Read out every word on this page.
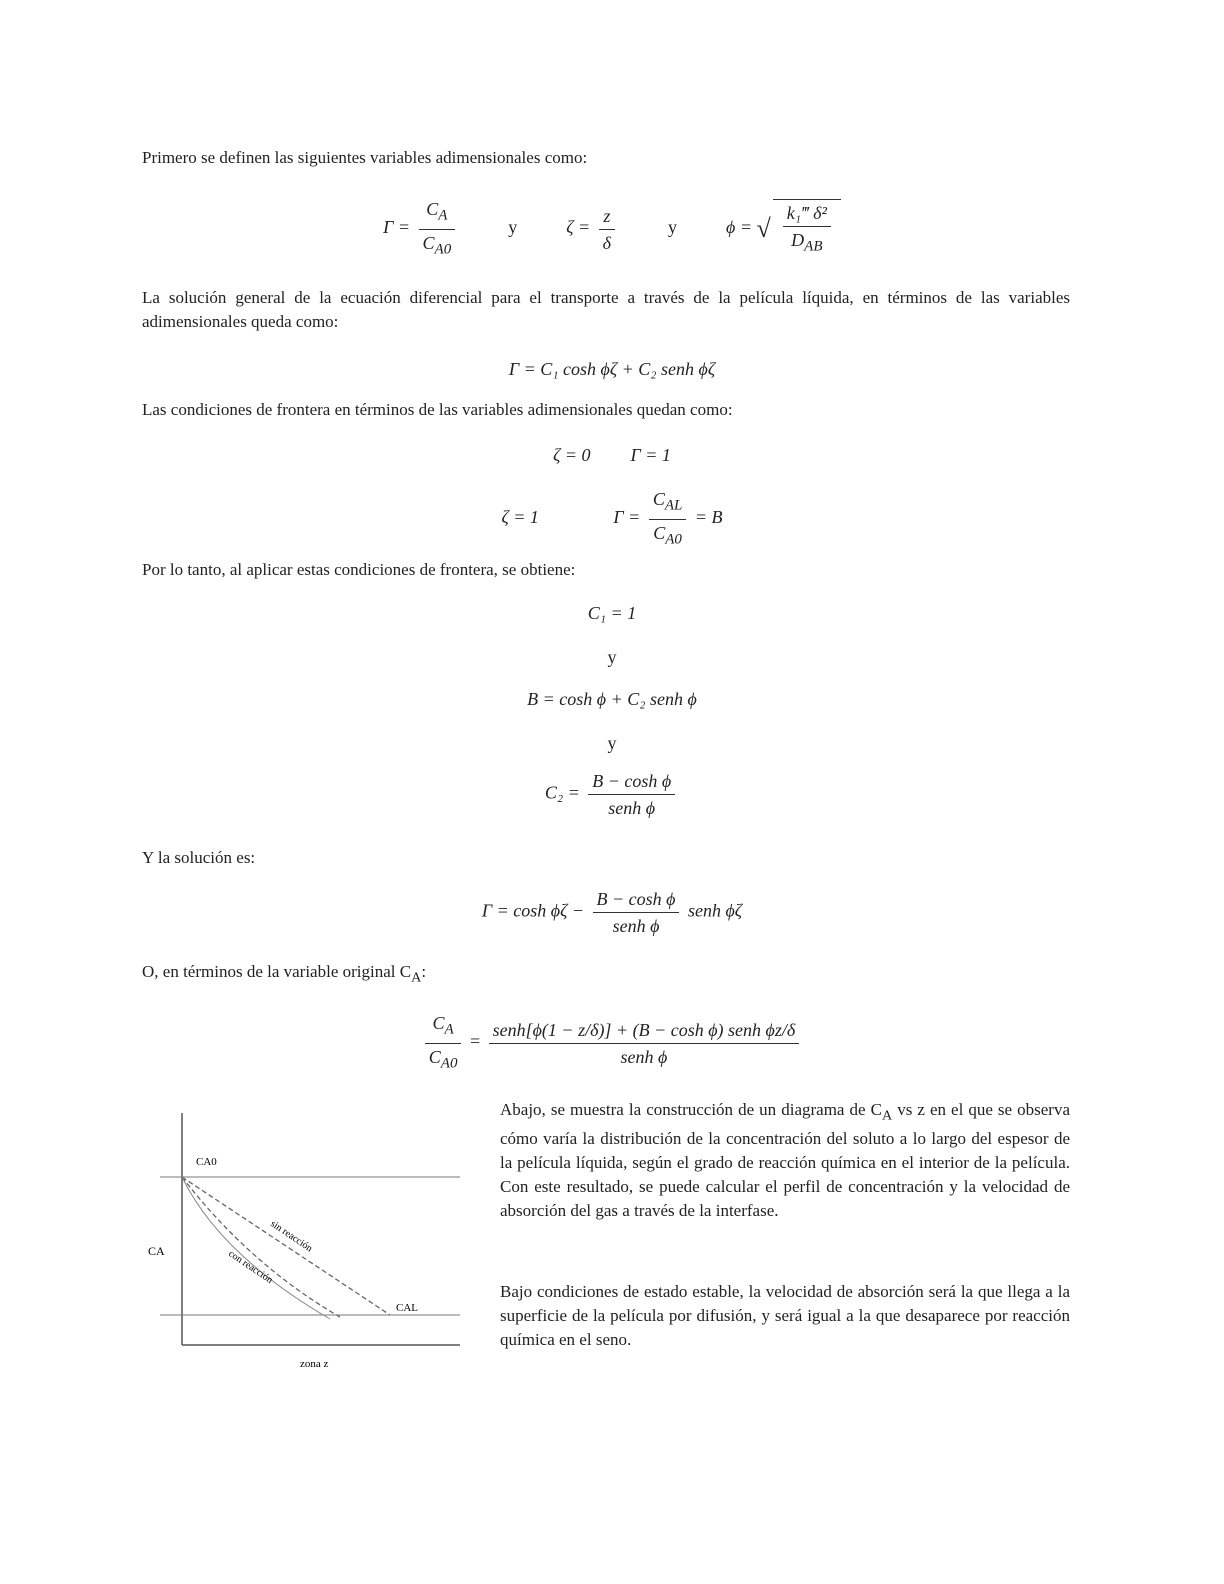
Primero se definen las siguientes variables adimensionales como:
$\Gamma = \frac{C_A}{C_{A0}}$	y	$\zeta = \frac{z}{\delta}$	y	ϕ = √ $\frac{\text{k₁‴ δ²}}{D_{AB}}$
La solución general de la ecuación diferencial para el transporte a través de la película líquida, en términos de las variables adimensionales queda como:
Γ = C₁ cosh ϕζ + C₂ senh ϕζ
Las condiciones de frontera en términos de las variables adimensionales quedan como:
ζ = 0 Γ = 1
ζ = 1	$\Gamma = \frac{C_{AL}}{C_{A0}} = B$
Por lo tanto, al aplicar estas condiciones de frontera, se obtiene:
C₁ = 1
y
B = cosh ϕ + C₂ senh ϕ
y
$C_2 = \frac{\text{B − cosh ϕ}}{\text{senh ϕ}}$
Y la solución es:
$\Gamma = \cosh \phi\zeta - \frac{\text{B − cosh ϕ}}{\text{senh ϕ}}$ senh ϕζ
O, en términos de la variable original $C_A$:
$\frac{C_A}{C_{A0}} = \frac{\text{senh[ϕ(1 − z/δ)] + (B − cosh ϕ) senh ϕz/δ}}{\text{senh ϕ}}$
CA
CA0
CAL
sin reacción
con reacción
zona z
Abajo, se muestra la construcción de un diagrama de $C_A$ vs z en el que se observa cómo varía la distribución de la concentración del soluto a lo largo del espesor de la película líquida, según el grado de reacción química en el interior de la película. Con este resultado, se puede calcular el perfil de concentración y la velocidad de absorción del gas a través de la interfase.
Bajo condiciones de estado estable, la velocidad de absorción será la que llega a la superficie de la película por difusión, y será igual a la que desaparece por reacción química en el seno.
